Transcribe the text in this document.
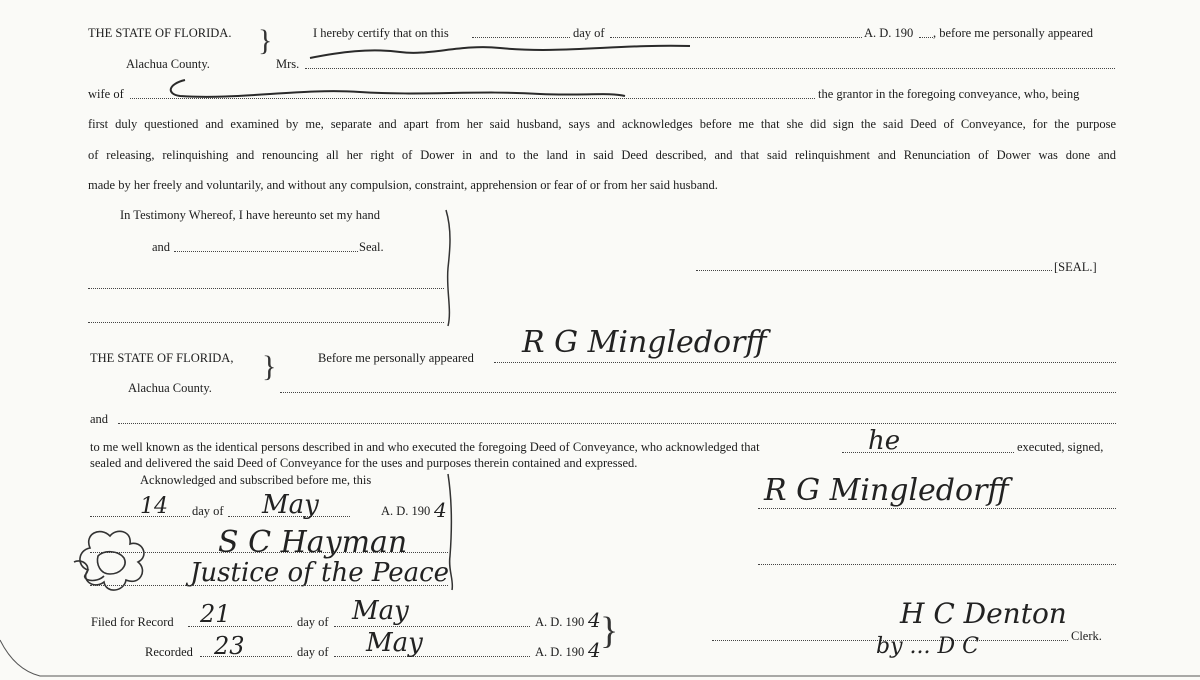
THE STATE OF FLORIDA.
Alachua County.
}	I hereby certify that on this	day of	A. D. 190 , before me personally appeared
Mrs.
wife of	the grantor in the foregoing conveyance, who, being
first duly questioned and examined by me, separate and apart from her said husband, says and acknowledges before me that she did sign the said Deed of Conveyance, for the purpose
of releasing, relinquishing and renouncing all her right of Dower in and to the land in said Deed described, and that said relinquishment and Renunciation of Dower was done and
made by her freely and voluntarily, and without any compulsion, constraint, apprehension or fear of or from her said husband.
In Testimony Whereof, I have hereunto set my hand
and	Seal.
[SEAL.]
THE STATE OF FLORIDA,
Alachua County.
}	Before me personally appeared R G Mingledorff
and
to me well known as the identical persons described in and who executed the foregoing Deed of Conveyance, who acknowledged that	he	executed, signed,
sealed and delivered the said Deed of Conveyance for the uses and purposes therein contained and expressed.
Acknowledged and subscribed before me, this
14 day of May	A. D. 190 4
S C Hayman
Justice of the Peace
R G Mingledorff
Filed for Record 21	day of May	A. D. 190 4
Recorded 23	day of May	A. D. 190 4 }	H C Denton
by ... D C	Clerk.
